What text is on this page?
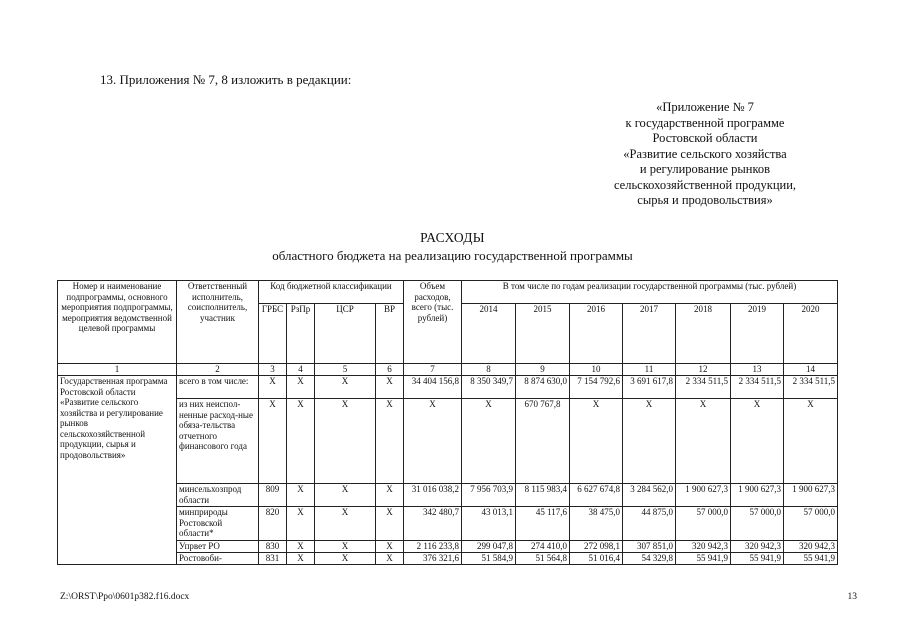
13. Приложения № 7, 8 изложить в редакции:
«Приложение № 7
к государственной программе
Ростовской области
«Развитие сельского хозяйства
и регулирование рынков
сельскохозяйственной продукции,
сырья и продовольствия»
РАСХОДЫ
областного бюджета на реализацию государственной программы
Номер и наименование подпрограммы, основного мероприятия подпрограммы, мероприятия ведомственной целевой программы	Ответственный исполнитель, соисполнитель, участник	Код бюджетной классификации				Объем расходов, всего (тыс. рублей)	В том числе по годам реализации государственной программы (тыс. рублей)						
		ГРБС	РзПр	ЦСР	ВР		2014	2015	2016	2017	2018	2019	2020
1	2	3	4	5	6	7	8	9	10	11	12	13	14
Государственная программа Ростовской области «Развитие сельского хозяйства и регулирование рынков сельскохозяйственной продукции, сырья и продовольствия»	всего в том числе:	X	X	X	X	34 404 156,8	8 350 349,7	8 874 630,0	7 154 792,6	3 691 617,8	2 334 511,5	2 334 511,5	2 334 511,5
	из них неиспол-ненные расход-ные обяза-тельства отчетного финансового года	X	X	X	X	X	X	670 767,8	X	X	X	X	X
	минсельхозпрод области	809	X	X	X	31 016 038,2	7 956 703,9	8 115 983,4	6 627 674,8	3 284 562,0	1 900 627,3	1 900 627,3	1 900 627,3
	минприроды Ростовской области*	820	X	X	X	342 480,7	43 013,1	45 117,6	38 475,0	44 875,0	57 000,0	57 000,0	57 000,0
	Упрвет РО	830	X	X	X	2 116 233,8	299 047,8	274 410,0	272 098,1	307 851,0	320 942,3	320 942,3	320 942,3
	Ростовоби-	831	X	X	X	376 321,6	51 584,9	51 564,8	51 016,4	54 329,8	55 941,9	55 941,9	55 941,9
Z:\ORST\Ppo\0601p382.f16.docx	13
